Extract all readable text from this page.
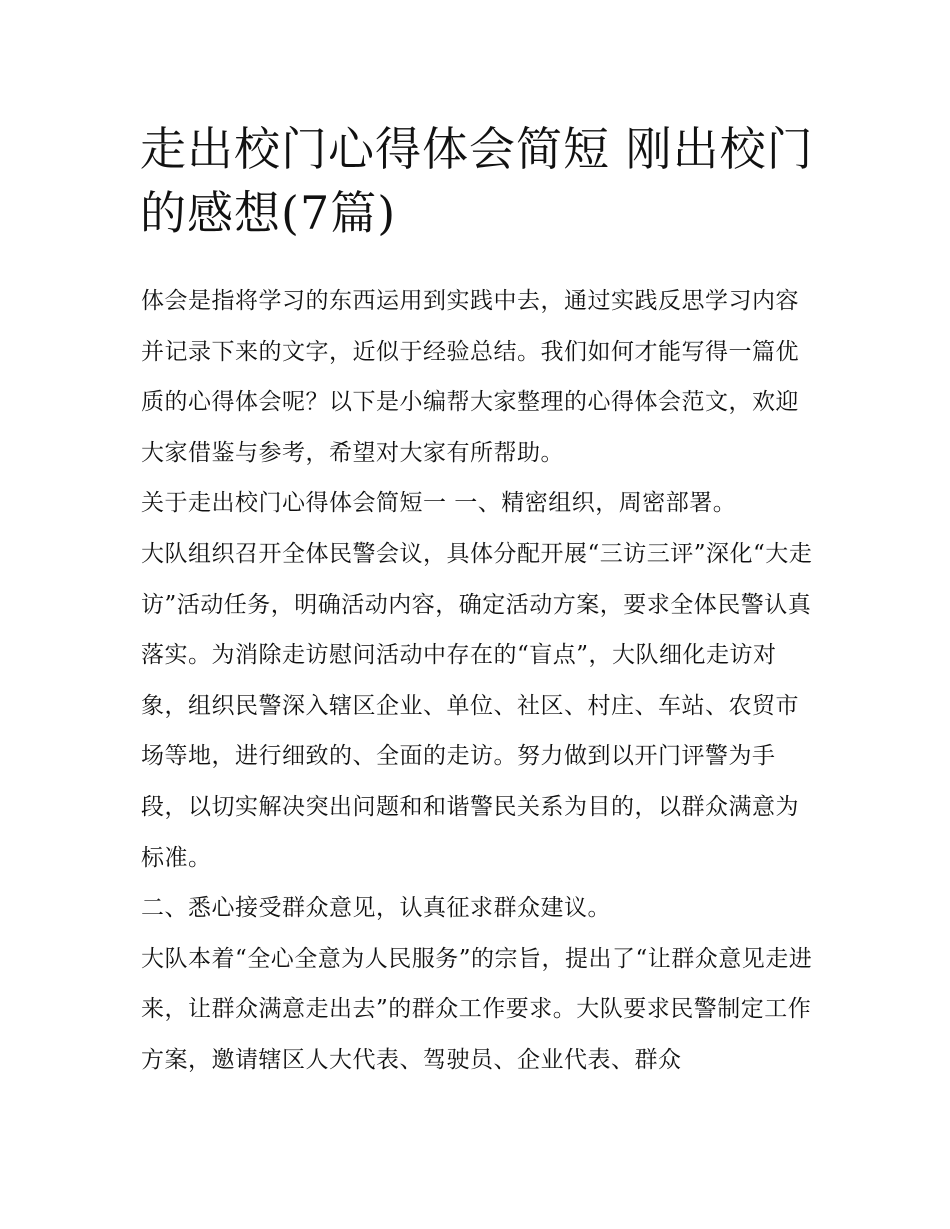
走出校门心得体会简短 刚出校门的感想(7篇)

体会是指将学习的东西运用到实践中去，通过实践反思学习内容并记录下来的文字，近似于经验总结。我们如何才能写得一篇优质的心得体会呢？以下是小编帮大家整理的心得体会范文，欢迎大家借鉴与参考，希望对大家有所帮助。

关于走出校门心得体会简短一 一、精密组织，周密部署。

大队组织召开全体民警会议，具体分配开展“三访三评”深化“大走访”活动任务，明确活动内容，确定活动方案，要求全体民警认真落实。为消除走访慰问活动中存在的“盲点”，大队细化走访对象，组织民警深入辖区企业、单位、社区、村庄、车站、农贸市场等地，进行细致的、全面的走访。努力做到以开门评警为手段，以切实解决突出问题和和谐警民关系为目的，以群众满意为标准。

二、悉心接受群众意见，认真征求群众建议。

大队本着“全心全意为人民服务”的宗旨，提出了“让群众意见走进来，让群众满意走出去”的群众工作要求。大队要求民警制定工作方案，邀请辖区人大代表、驾驶员、企业代表、群众
